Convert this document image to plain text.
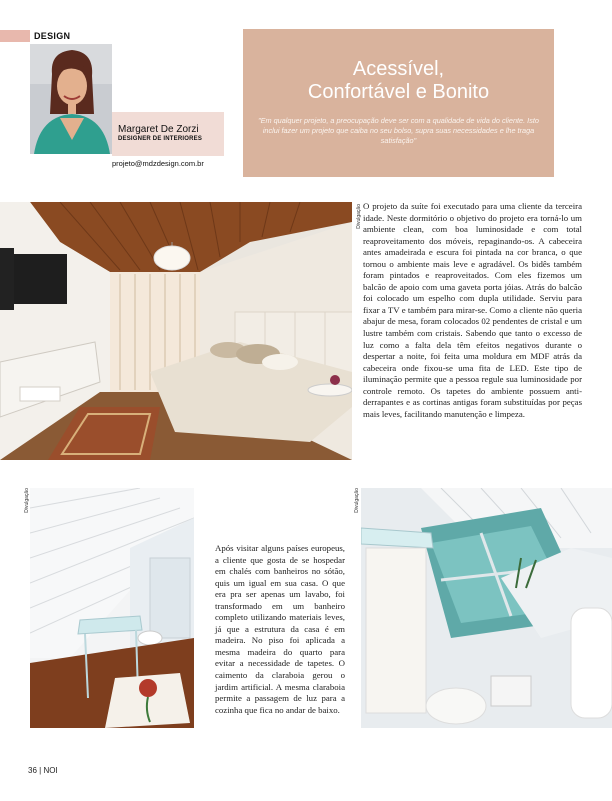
DESIGN
Margaret De Zorzi
DESIGNER DE INTERIORES
projeto@mdzdesign.com.br
Acessível,
Confortável e Bonito
"Em qualquer projeto, a preocupação deve ser com a qualidade de vida do cliente. Isto inclui fazer um projeto que caiba no seu bolso, supra suas necessidades e lhe traga satisfação"
Divulgação O projeto da suíte foi executado para uma cliente da terceira idade. Neste dormitório o objetivo do projeto era torná-lo um ambiente clean, com boa luminosidade e com total reaproveitamento dos móveis, repaginando-os. A cabeceira antes amadeirada e escura foi pintada na cor branca, o que tornou o ambiente mais leve e agradável. Os bidês também foram pintados e reaproveitados. Com eles fizemos um balcão de apoio com uma gaveta porta jóias. Atrás do balcão foi colocado um espelho com dupla utilidade. Serviu para fixar a TV e também para mirar-se. Como a cliente não queria abajur de mesa, foram colocados 02 pendentes de cristal e um lustre também com cristais. Sabendo que tanto o excesso de luz como a falta dela têm efeitos negativos durante o despertar a noite, foi feita uma moldura em MDF atrás da cabeceira onde fixou-se uma fita de LED. Este tipo de iluminação permite que a pessoa regule sua luminosidade por controle remoto. Os tapetes do ambiente possuem anti-derrapantes e as cortinas antigas foram substituídas por peças mais leves, facilitando manutenção e limpeza.
Divulgação
Após visitar alguns países europeus, a cliente que gosta de se hospedar em chalés com banheiros no sótão, quis um igual em sua casa. O que era pra ser apenas um lavabo, foi transformado em um banheiro completo utilizando materiais leves, já que a estrutura da casa é em madeira. No piso foi aplicada a mesma madeira do quarto para evitar a necessidade de tapetes. O caimento da claraboia gerou o jardim artificial. A mesma claraboia permite a passagem de luz para a cozinha que fica no andar de baixo.
Divulgação
36 | NOI
